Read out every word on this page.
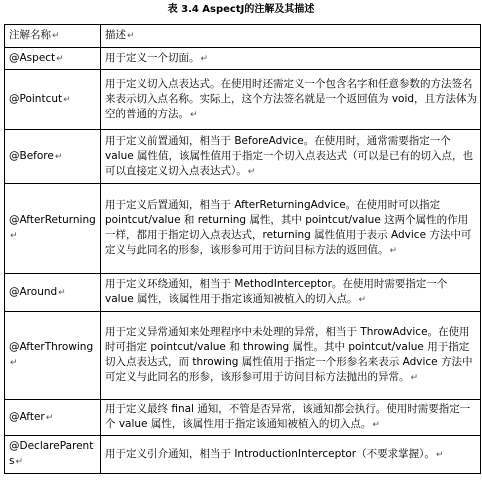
表 3.4 AspectJ的注解及其描述
注解名称↵	描述↵
@Aspect↵	用于定义一个切面。↵
@Pointcut↵	用于定义切入点表达式。在使用时还需定义一个包含名字和任意参数的方法签名来表示切入点名称。实际上，这个方法签名就是一个返回值为 void，且方法体为空的普通的方法。↵
@Before↵	用于定义前置通知，相当于 BeforeAdvice。在使用时，通常需要指定一个 value 属性值，该属性值用于指定一个切入点表达式（可以是已有的切入点，也可以直接定义切入点表达式）。↵
@AfterReturning↵	用于定义后置通知，相当于 AfterReturningAdvice。在使用时可以指定 pointcut/value 和 returning 属性，其中 pointcut/value 这两个属性的作用一样，都用于指定切入点表达式，returning 属性值用于表示 Advice 方法中可定义与此同名的形参，该形参可用于访问目标方法的返回值。↵
@Around↵	用于定义环绕通知，相当于 MethodInterceptor。在使用时需要指定一个 value 属性，该属性用于指定该通知被植入的切入点。↵
@AfterThrowing↵	用于定义异常通知来处理程序中未处理的异常，相当于 ThrowAdvice。在使用时可指定 pointcut/value 和 throwing 属性。其中 pointcut/value 用于指定切入点表达式，而 throwing 属性值用于指定一个形参名来表示 Advice 方法中可定义与此同名的形参，该形参可用于访问目标方法抛出的异常。↵
@After↵	用于定义最终 final 通知，不管是否异常，该通知都会执行。使用时需要指定一个 value 属性，该属性用于指定该通知被植入的切入点。↵
@DeclareParents↵	用于定义引介通知，相当于 IntroductionInterceptor（不要求掌握）。↵
